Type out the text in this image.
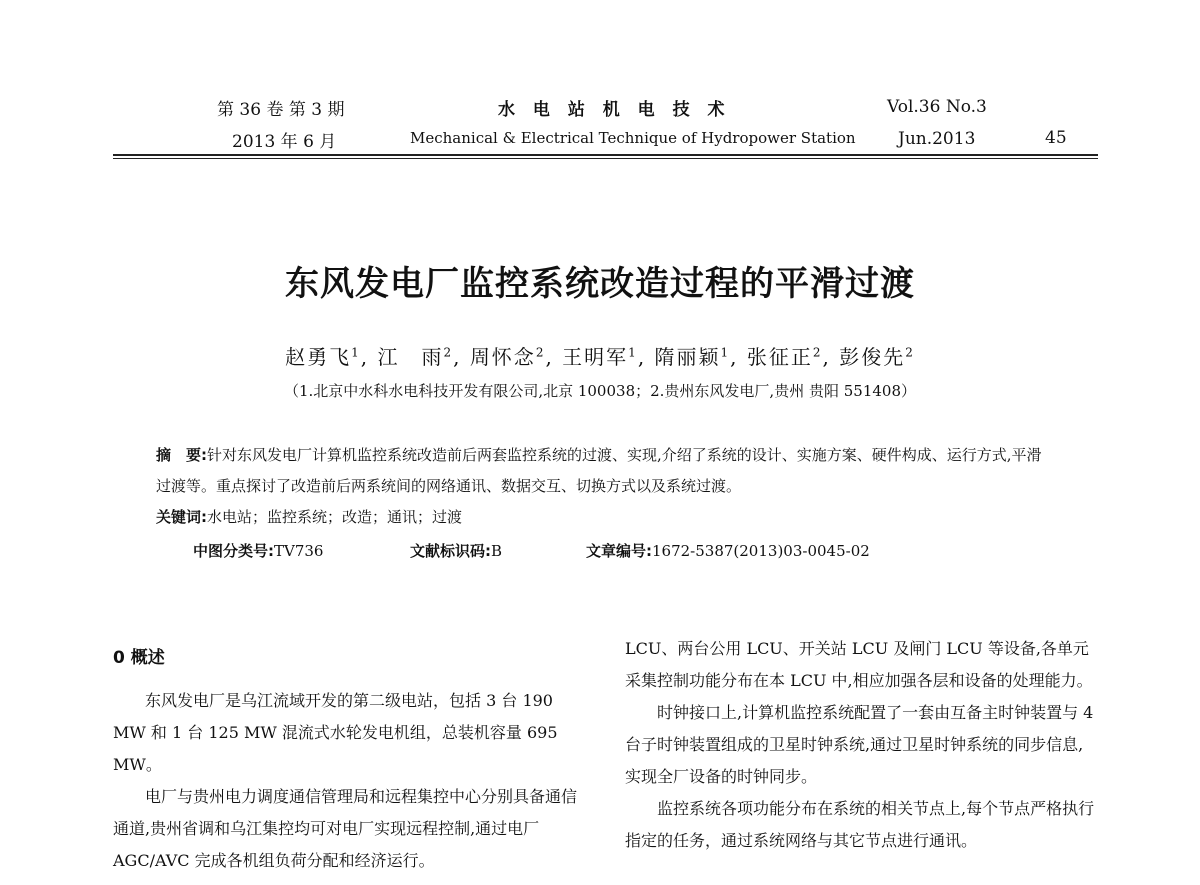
第 36 卷 第 3 期
2013 年 6 月
水 电 站 机 电 技 术
Mechanical & Electrical Technique of Hydropower Station
Vol.36 No.3
Jun.2013	45
东风发电厂监控系统改造过程的平滑过渡
赵勇飞$^1$, 江　雨$^2$, 周怀念$^2$, 王明军$^1$, 隋丽颖$^1$, 张征正$^2$, 彭俊先$^2$
（1.北京中水科水电科技开发有限公司,北京 100038；2.贵州东风发电厂,贵州 贵阳 551408）
摘　要:针对东风发电厂计算机监控系统改造前后两套监控系统的过渡、实现,介绍了系统的设计、实施方案、硬件构成、运行方式,平滑过渡等。重点探讨了改造前后两系统间的网络通讯、数据交互、切换方式以及系统过渡。
关键词:水电站；监控系统；改造；通讯；过渡
中图分类号:TV736	文献标识码:B	文章编号:1672-5387(2013)03-0045-02
0 概述

东风发电厂是乌江流域开发的第二级电站，包括 3 台 190 MW 和 1 台 125 MW 混流式水轮发电机组，总装机容量 695 MW。

电厂与贵州电力调度通信管理局和远程集控中心分别具备通信通道,贵州省调和乌江集控均可对电厂实现远程控制,通过电厂 AGC/AVC 完成各机组负荷分配和经济运行。

LCU、两台公用 LCU、开关站 LCU 及闸门 LCU 等设备,各单元采集控制功能分布在本 LCU 中,相应加强各层和设备的处理能力。

时钟接口上,计算机监控系统配置了一套由互备主时钟装置与 4 台子时钟装置组成的卫星时钟系统,通过卫星时钟系统的同步信息,实现全厂设备的时钟同步。

监控系统各项功能分布在系统的相关节点上,每个节点严格执行指定的任务，通过系统网络与其它节点进行通讯。
